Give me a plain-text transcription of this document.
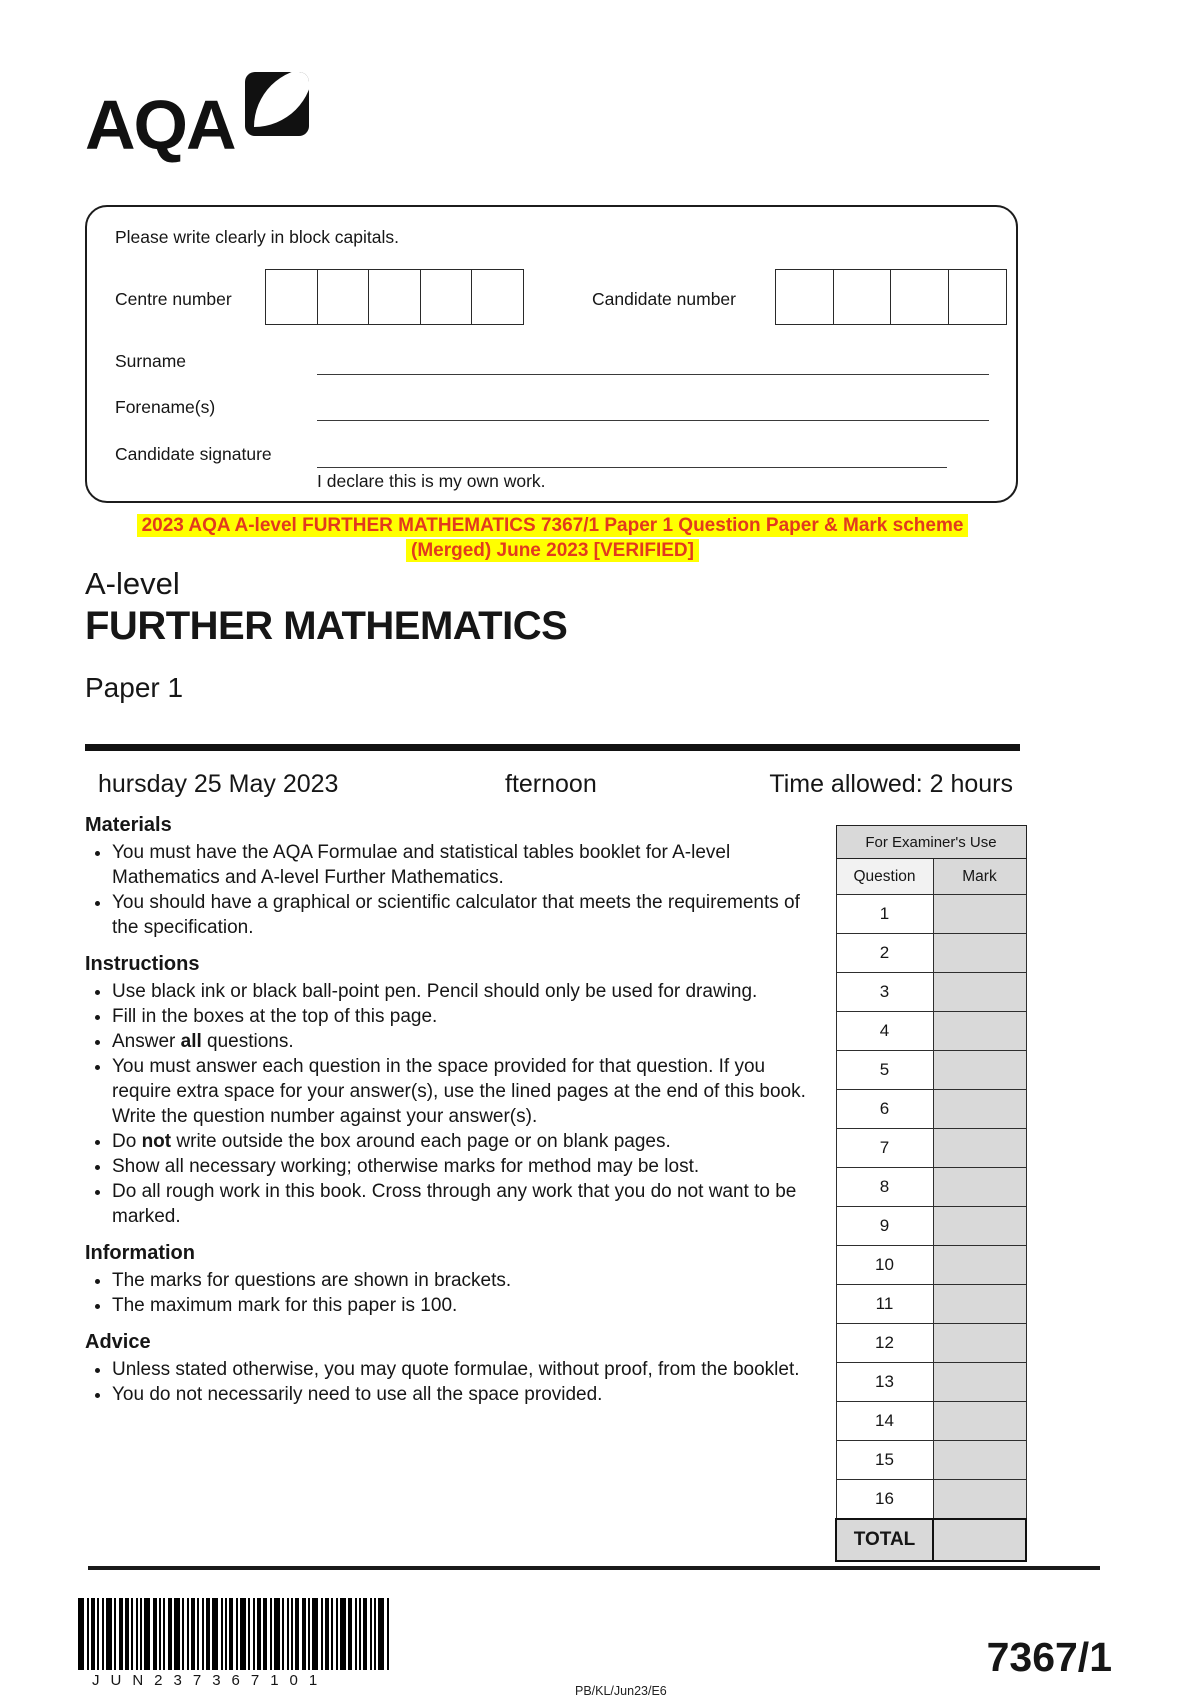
AQA
Please write clearly in block capitals.
Centre number	Candidate number
Surname
Forename(s)
Candidate signature
I declare this is my own work.
2023 AQA A-level FURTHER MATHEMATICS 7367/1 Paper 1 Question Paper & Mark scheme
(Merged) June 2023 [VERIFIED]
A-level
FURTHER MATHEMATICS
Paper 1
hursday 25 May 2023	fternoon	Time allowed: 2 hours
Materials
• You must have the AQA Formulae and statistical tables booklet for A-level Mathematics and A-level Further Mathematics.
• You should have a graphical or scientific calculator that meets the requirements of the specification.
Instructions
• Use black ink or black ball-point pen. Pencil should only be used for drawing.
• Fill in the boxes at the top of this page.
• Answer all questions.
• You must answer each question in the space provided for that question. If you require extra space for your answer(s), use the lined pages at the end of this book. Write the question number against your answer(s).
• Do not write outside the box around each page or on blank pages.
• Show all necessary working; otherwise marks for method may be lost.
• Do all rough work in this book. Cross through any work that you do not want to be marked.
Information
• The marks for questions are shown in brackets.
• The maximum mark for this paper is 100.
Advice
• Unless stated otherwise, you may quote formulae, without proof, from the booklet.
• You do not necessarily need to use all the space provided.
For Examiner's Use	
Question	Mark
1	
2	
3	
4	
5	
6	
7	
8	
9	
10	
11	
12	
13	
14	
15	
16	
TOTAL	
JUN237367101
PB/KL/Jun23/E6
7367/1
